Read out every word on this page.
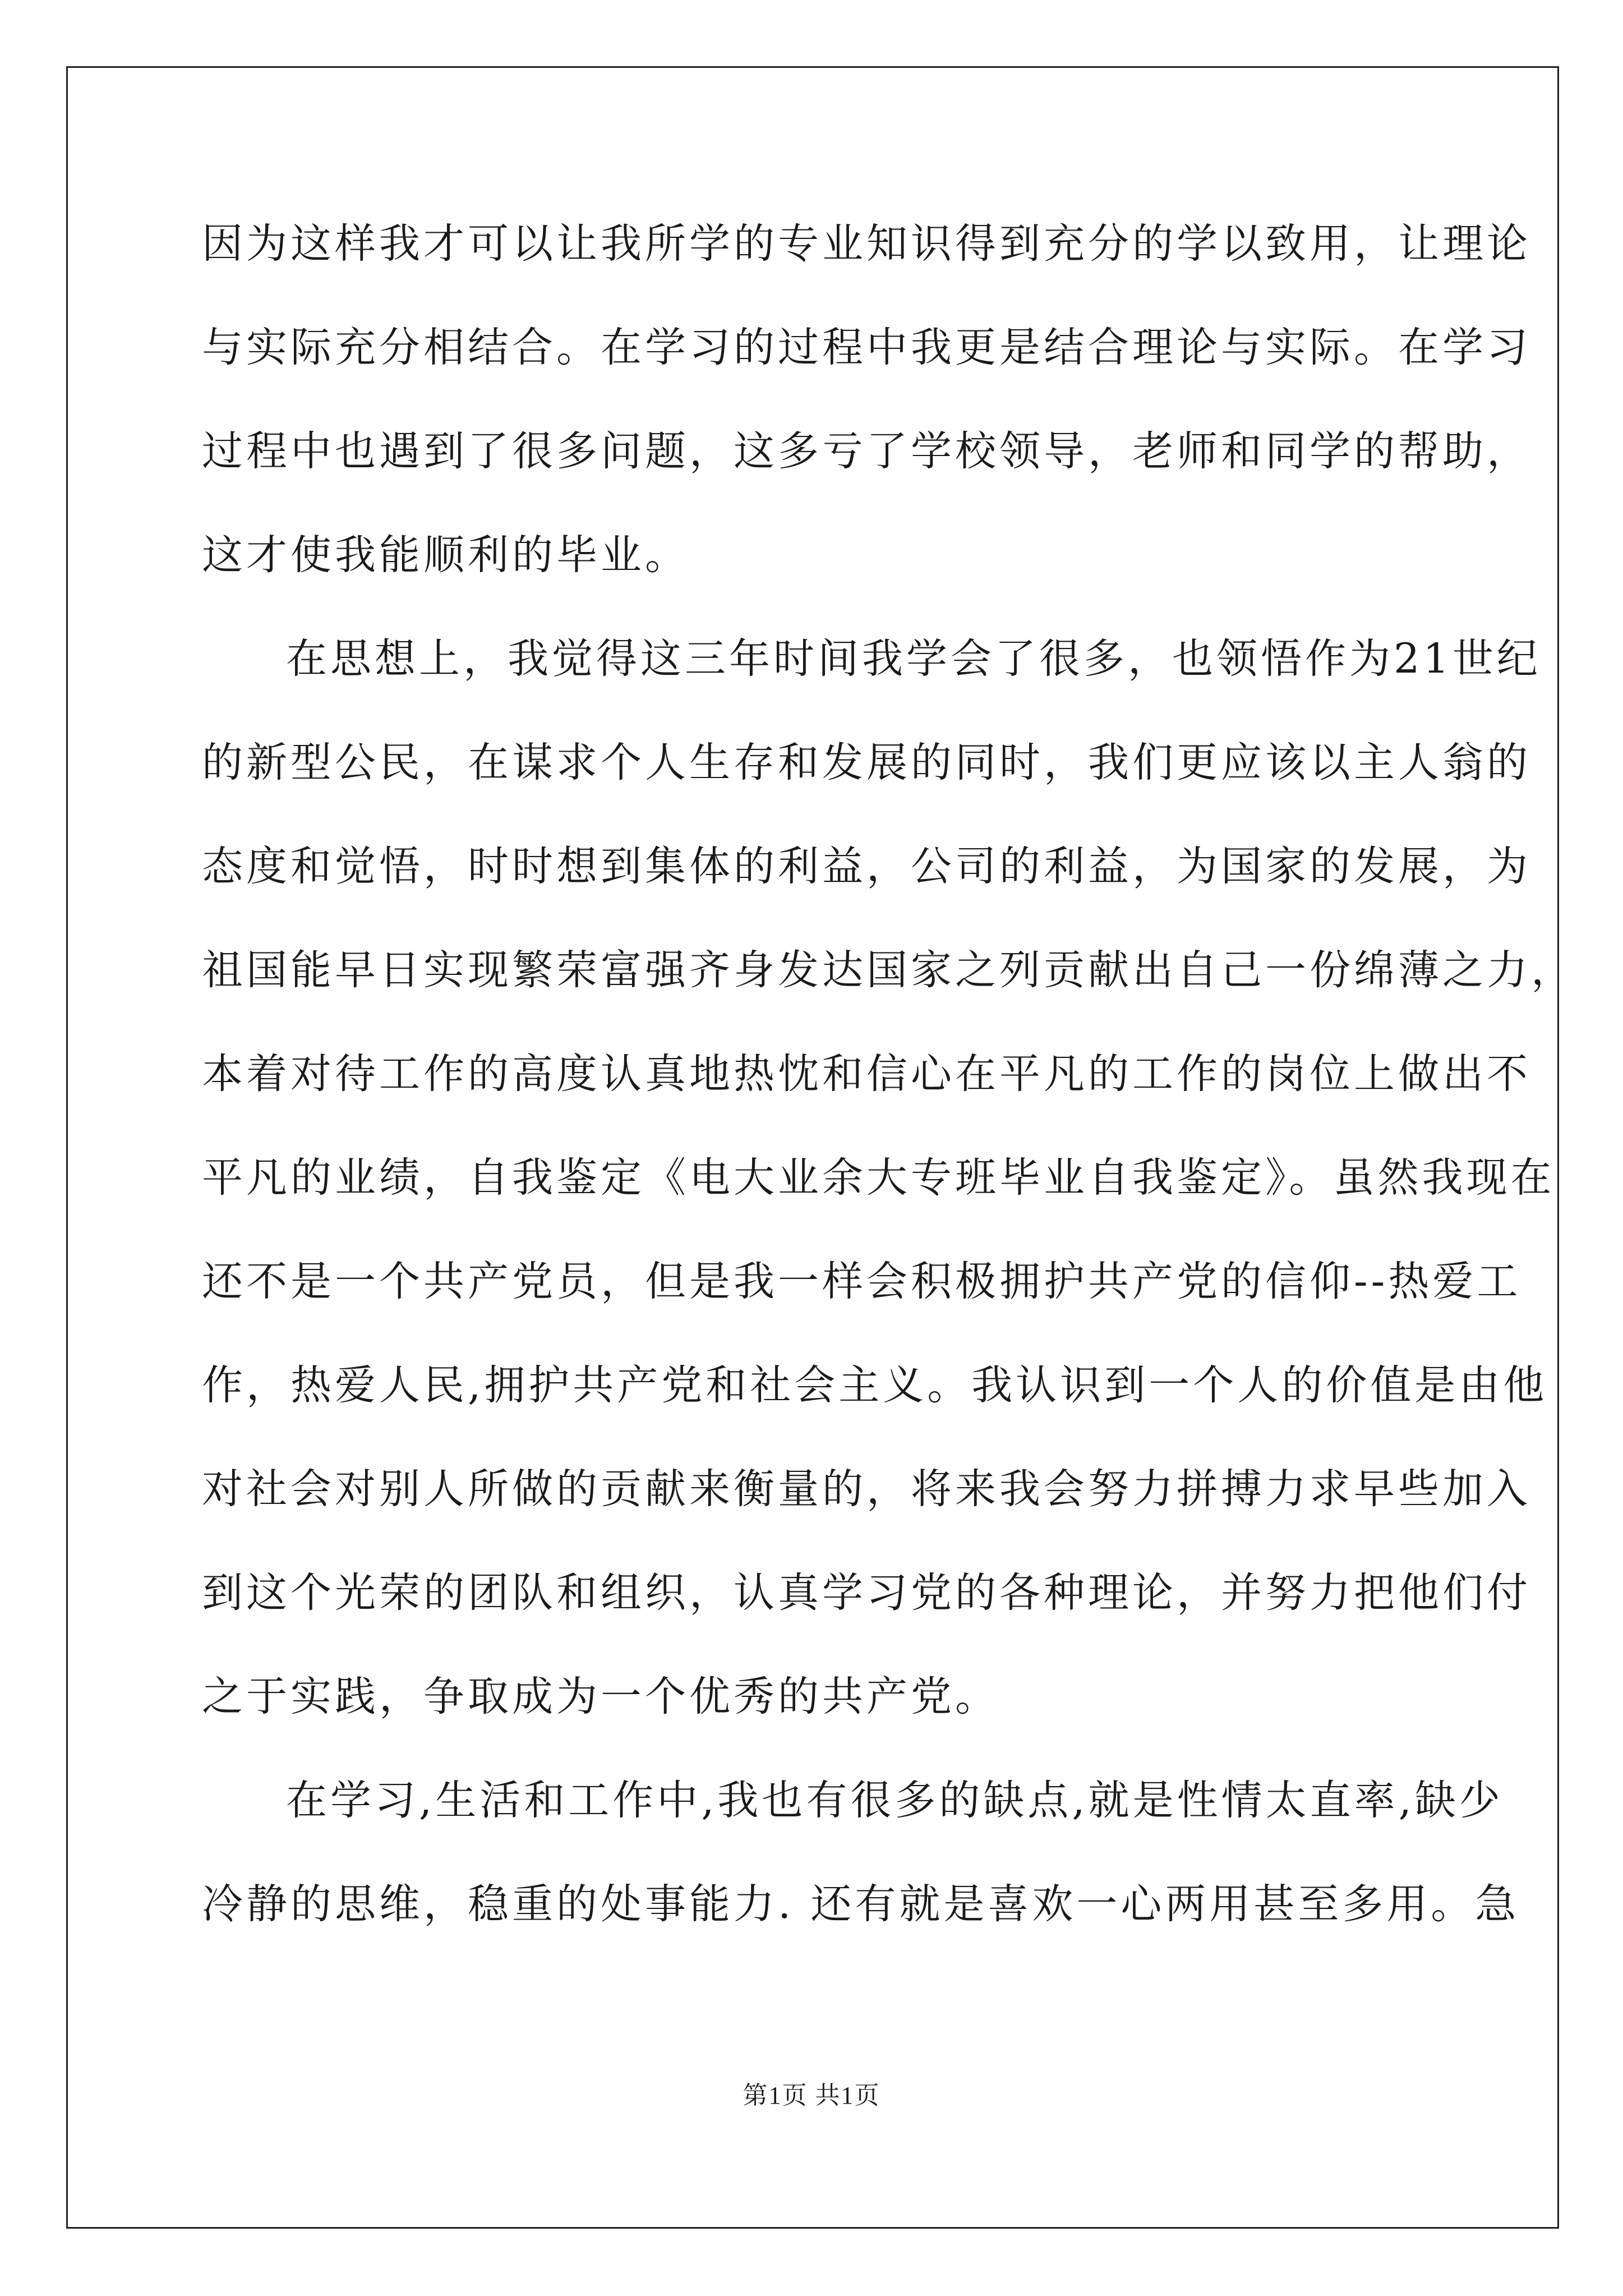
因为这样我才可以让我所学的专业知识得到充分的学以致用，让理论
与实际充分相结合。在学习的过程中我更是结合理论与实际。在学习
过程中也遇到了很多问题，这多亏了学校领导，老师和同学的帮助，
这才使我能顺利的毕业。
在思想上，我觉得这三年时间我学会了很多，也领悟作为21世纪
的新型公民，在谋求个人生存和发展的同时，我们更应该以主人翁的
态度和觉悟，时时想到集体的利益，公司的利益，为国家的发展，为
祖国能早日实现繁荣富强齐身发达国家之列贡献出自己一份绵薄之力，
本着对待工作的高度认真地热忱和信心在平凡的工作的岗位上做出不
平凡的业绩，自我鉴定《电大业余大专班毕业自我鉴定》。虽然我现在
还不是一个共产党员，但是我一样会积极拥护共产党的信仰--热爱工
作，热爱人民,拥护共产党和社会主义。我认识到一个人的价值是由他
对社会对别人所做的贡献来衡量的，将来我会努力拼搏力求早些加入
到这个光荣的团队和组织，认真学习党的各种理论，并努力把他们付
之于实践，争取成为一个优秀的共产党。
在学习,生活和工作中,我也有很多的缺点,就是性情太直率,缺少
冷静的思维，稳重的处事能力. 还有就是喜欢一心两用甚至多用。急
第1页 共1页
